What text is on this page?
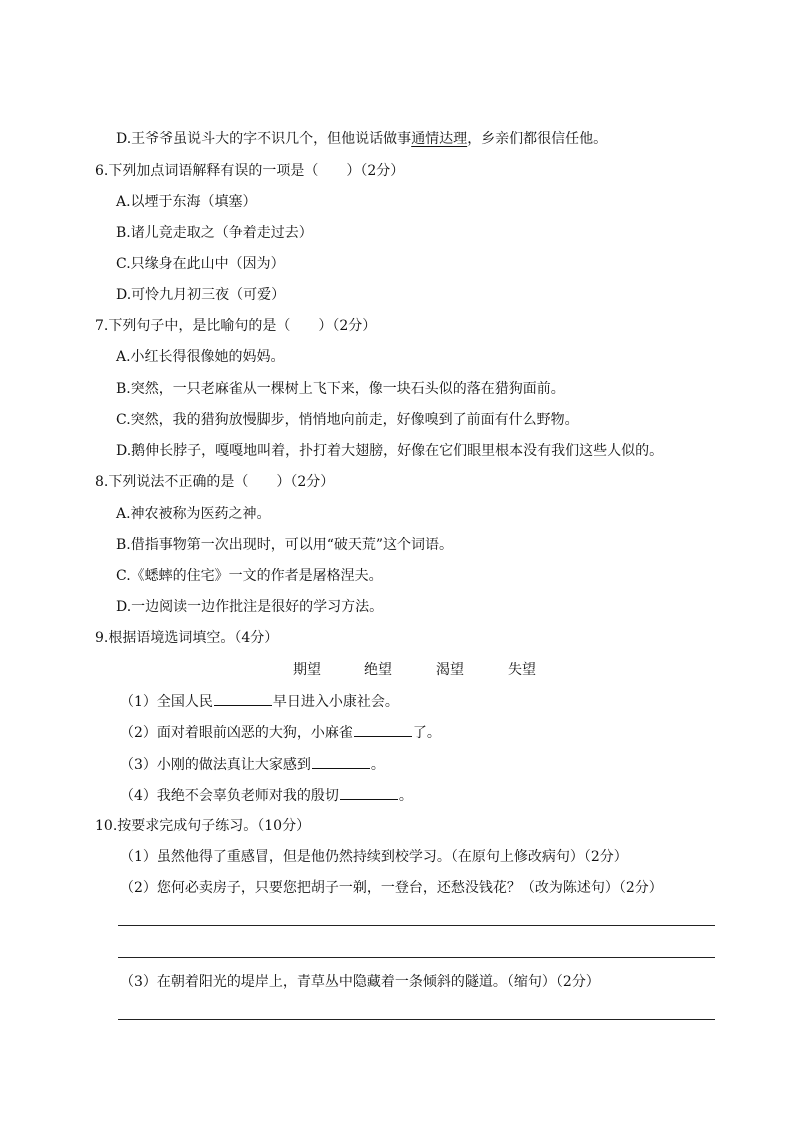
D.王爷爷虽说斗大的字不识几个，但他说话做事通情达理，乡亲们都很信任他。
6.下列加点词语解释有误的一项是（　　）（2分）
A.以堙于东海（填塞）
B.诸儿竞走取之（争着走过去）
C.只缘身在此山中（因为）
D.可怜九月初三夜（可爱）
7.下列句子中，是比喻句的是（　　）（2分）
A.小红长得很像她的妈妈。
B.突然，一只老麻雀从一棵树上飞下来，像一块石头似的落在猎狗面前。
C.突然，我的猎狗放慢脚步，悄悄地向前走，好像嗅到了前面有什么野物。
D.鹅伸长脖子，嘎嘎地叫着，扑打着大翅膀，好像在它们眼里根本没有我们这些人似的。
8.下列说法不正确的是（　　）（2分）
A.神农被称为医药之神。
B.借指事物第一次出现时，可以用“破天荒”这个词语。
C.《蟋蟀的住宅》一文的作者是屠格涅夫。
D.一边阅读一边作批注是很好的学习方法。
9.根据语境选词填空。（4分）
期望	绝望	渴望	失望
（1）全国人民	早日进入小康社会。
（2）面对着眼前凶恶的大狗，小麻雀	了。
（3）小刚的做法真让大家感到	。
（4）我绝不会辜负老师对我的殷切	。
10.按要求完成句子练习。（10分）
（1）虽然他得了重感冒，但是他仍然持续到校学习。（在原句上修改病句）（2分）
（2）您何必卖房子，只要您把胡子一剃，一登台，还愁没钱花？（改为陈述句）（2分）
（3）在朝着阳光的堤岸上，青草丛中隐藏着一条倾斜的隧道。（缩句）（2分）
